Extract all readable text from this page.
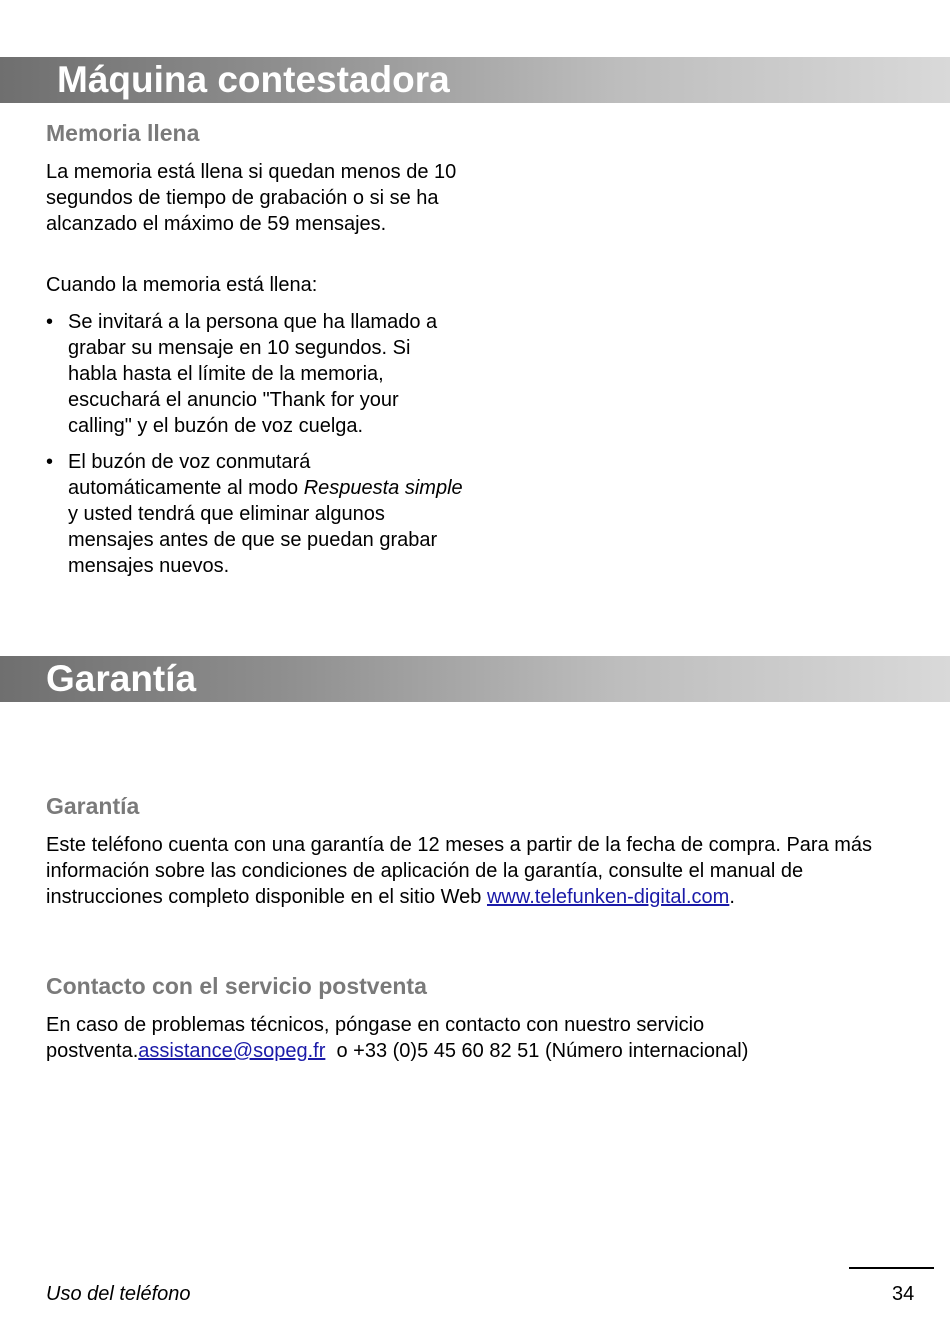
Máquina contestadora
Memoria llena

La memoria está llena si quedan menos de 10 segundos de tiempo de grabación o si se ha alcanzado el máximo de 59 mensajes.

Cuando la memoria está llena:

• Se invitará a la persona que ha llamado a grabar su mensaje en 10 segundos. Si habla hasta el límite de la memoria, escuchará el anuncio "Thank for your calling" y el buzón de voz cuelga.
• El buzón de voz conmutará automáticamente al modo Respuesta simple y usted tendrá que eliminar algunos mensajes antes de que se puedan grabar mensajes nuevos.
Garantía
Garantía

Este teléfono cuenta con una garantía de 12 meses a partir de la fecha de compra. Para más información sobre las condiciones de aplicación de la garantía, consulte el manual de instrucciones completo disponible en el sitio Web www.telefunken-digital.com.

Contacto con el servicio postventa

En caso de problemas técnicos, póngase en contacto con nuestro servicio postventa.assistance@sopeg.fr  o +33 (0)5 45 60 82 51 (Número internacional)

Uso del teléfono	34
